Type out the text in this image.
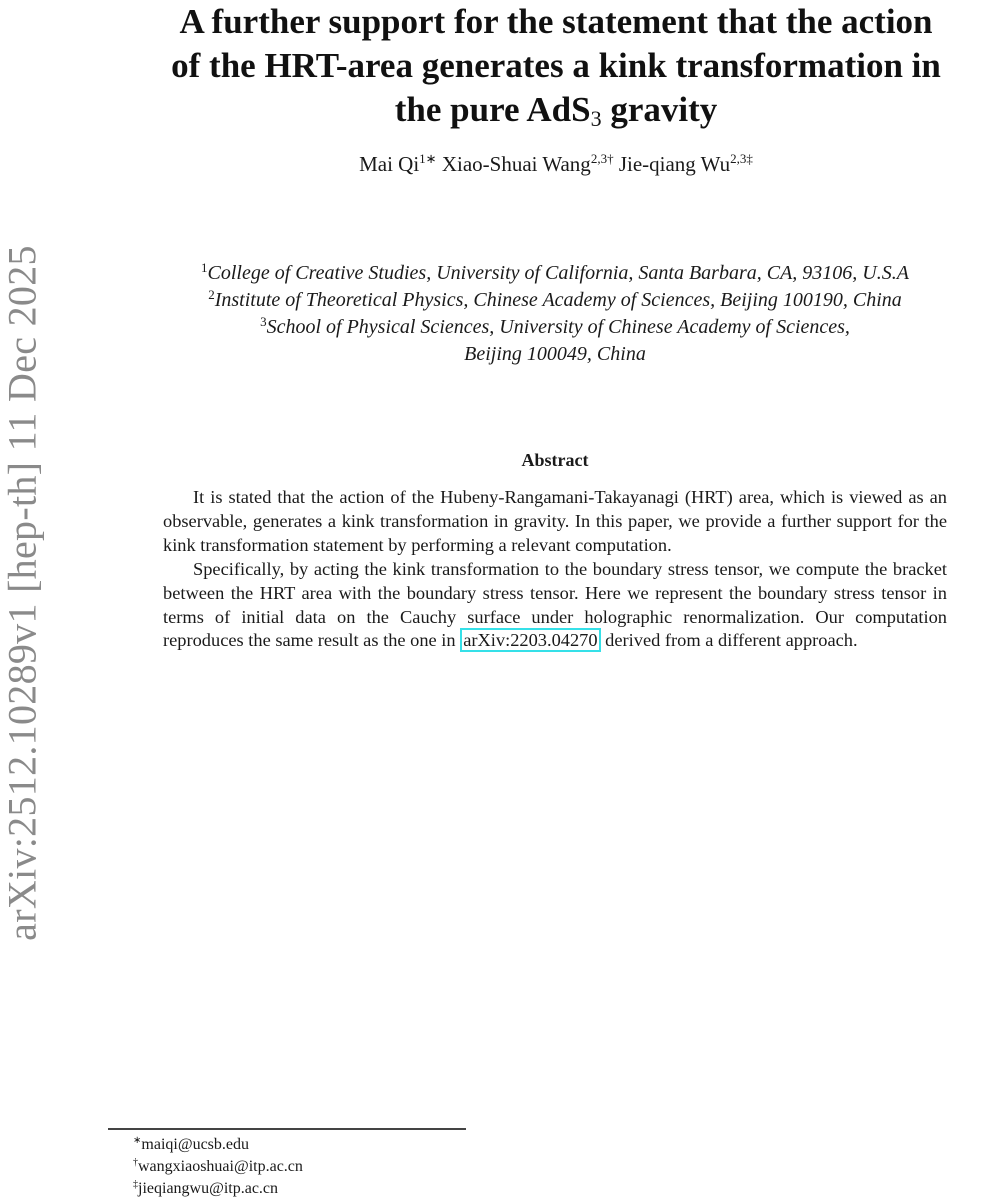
arXiv:2512.10289v1 [hep-th] 11 Dec 2025
A further support for the statement that the action
of the HRT-area generates a kink transformation in
the pure AdS$_3$ gravity
Mai $Qi^{1∗}$ Xiao-Shuai Wang$^{2,3\dagger}$ Jie-qiang $Wu^{2,3\ddagger}$
$^1$College of Creative Studies, University of California, Santa Barbara, CA, 93106, U.S.A
$^2$Institute of Theoretical Physics, Chinese Academy of Sciences, Beijing 100190, China
$^3$School of Physical Sciences, University of Chinese Academy of Sciences,
Beijing 100049, China
Abstract

It is stated that the action of the Hubeny-Rangamani-Takayanagi (HRT) area, which is viewed as an observable, generates a kink transformation in gravity. In this paper, we provide a further support for the kink transformation statement by performing a relevant computation.

Specifically, by acting the kink transformation to the boundary stress tensor, we compute the bracket between the HRT area with the boundary stress tensor. Here we represent the boundary stress tensor in terms of initial data on the Cauchy surface under holographic renormalization. Our computation reproduces the same result as the one in arXiv:2203.04270 derived from a different approach.

∗maiqi@ucsb.edu
†wangxiaoshuai@itp.ac.cn
‡jieqiangwu@itp.ac.cn
